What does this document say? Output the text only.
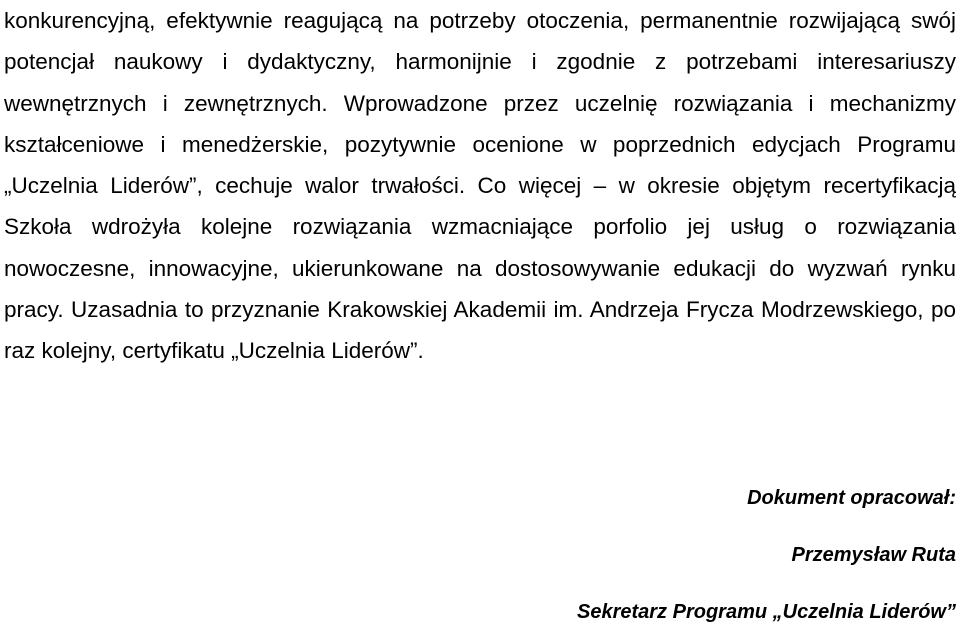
konkurencyjną, efektywnie reagującą na potrzeby otoczenia, permanentnie rozwijającą swój potencjał naukowy i dydaktyczny, harmonijnie i zgodnie z potrzebami interesariuszy wewnętrznych i zewnętrznych. Wprowadzone przez uczelnię rozwiązania i mechanizmy kształceniowe i menedżerskie, pozytywnie ocenione w poprzednich edycjach Programu „Uczelnia Liderów”, cechuje walor trwałości. Co więcej – w okresie objętym recertyfikacją Szkoła wdrożyła kolejne rozwiązania wzmacniające porfolio jej usług o rozwiązania nowoczesne, innowacyjne, ukierunkowane na dostosowywanie edukacji do wyzwań rynku pracy. Uzasadnia to przyznanie Krakowskiej Akademii im. Andrzeja Frycza Modrzewskiego, po raz kolejny, certyfikatu „Uczelnia Liderów”.

Dokument opracował:
Przemysław Ruta
Sekretarz Programu „Uczelnia Liderów”
